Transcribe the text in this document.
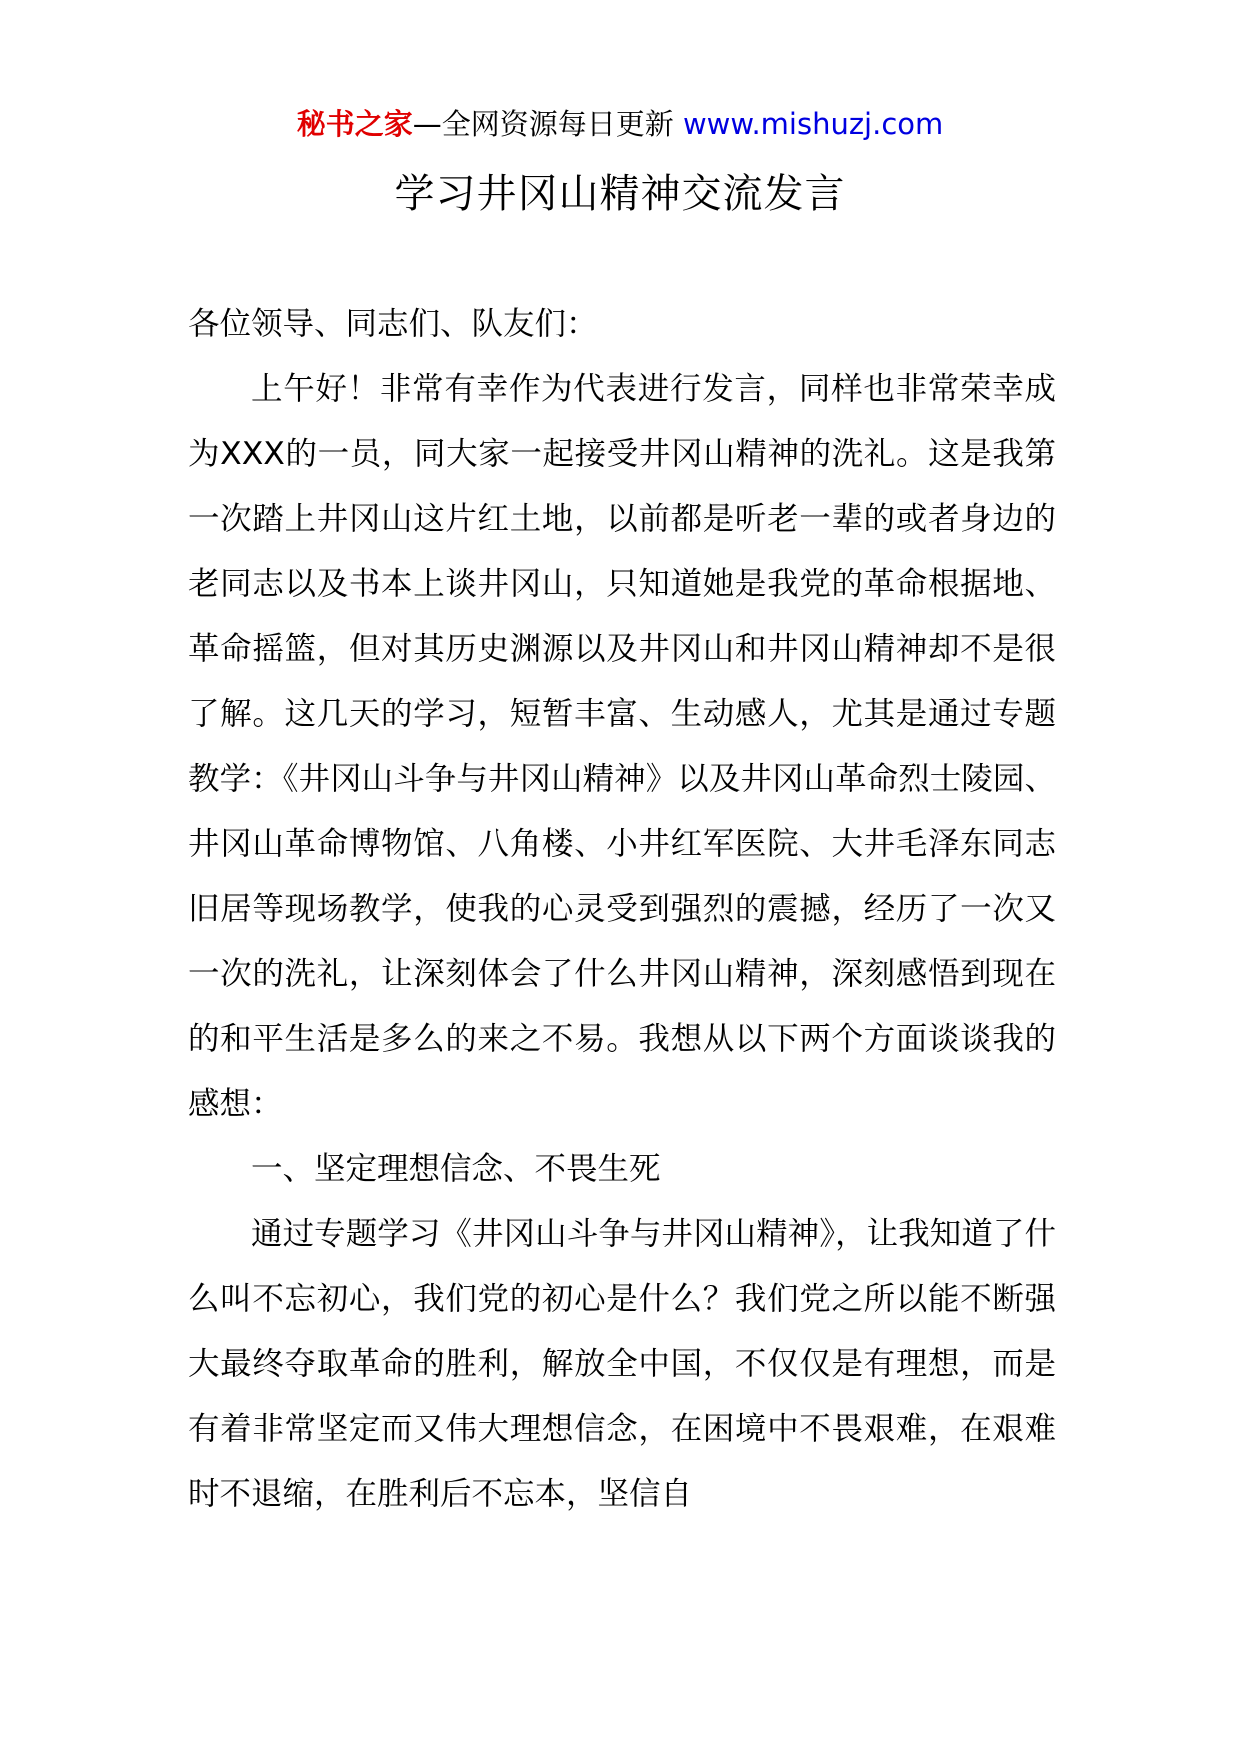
秘书之家—全网资源每日更新 www.mishuzj.com
学习井冈山精神交流发言

各位领导、同志们、队友们：

上午好！非常有幸作为代表进行发言，同样也非常荣幸成为XXX的一员，同大家一起接受井冈山精神的洗礼。这是我第一次踏上井冈山这片红土地，以前都是听老一辈的或者身边的老同志以及书本上谈井冈山，只知道她是我党的革命根据地、革命摇篮，但对其历史渊源以及井冈山和井冈山精神却不是很了解。这几天的学习，短暂丰富、生动感人，尤其是通过专题教学：《井冈山斗争与井冈山精神》以及井冈山革命烈士陵园、井冈山革命博物馆、八角楼、小井红军医院、大井毛泽东同志旧居等现场教学，使我的心灵受到强烈的震撼，经历了一次又一次的洗礼，让深刻体会了什么井冈山精神，深刻感悟到现在的和平生活是多么的来之不易。我想从以下两个方面谈谈我的感想：

一、坚定理想信念、不畏生死

通过专题学习《井冈山斗争与井冈山精神》，让我知道了什么叫不忘初心，我们党的初心是什么？我们党之所以能不断强大最终夺取革命的胜利，解放全中国，不仅仅是有理想，而是有着非常坚定而又伟大理想信念，在困境中不畏艰难，在艰难时不退缩，在胜利后不忘本，坚信自
